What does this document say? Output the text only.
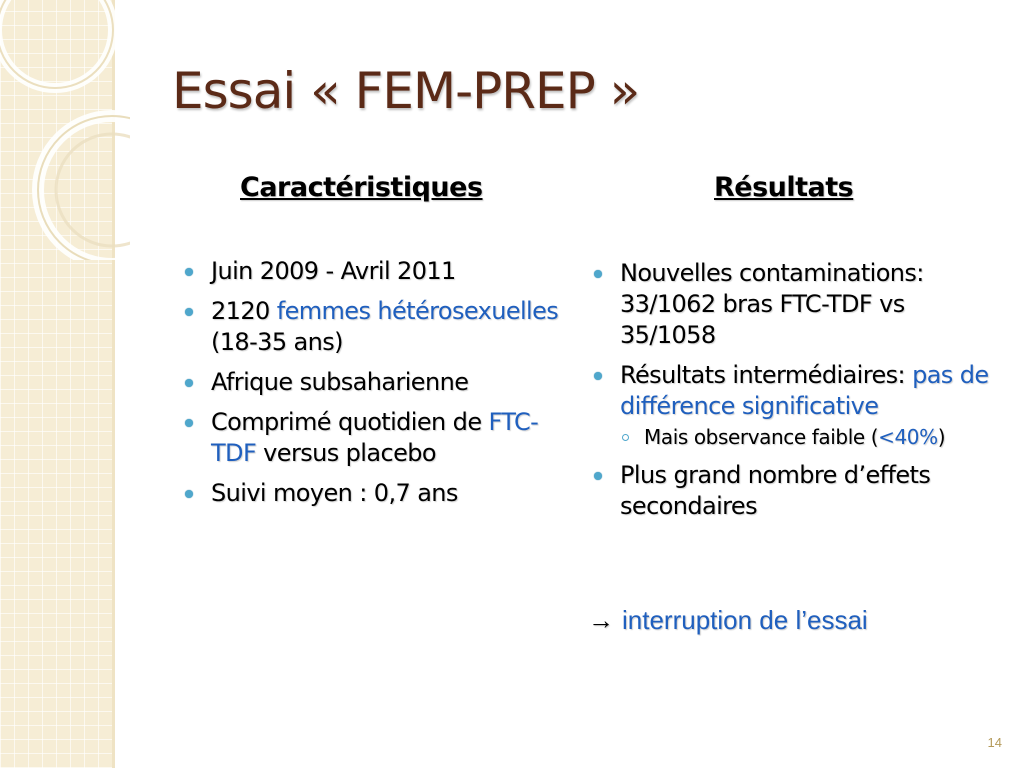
Essai « FEM-PREP »
Caractéristiques	Résultats
Juin 2009 - Avril 2011
2120 femmes hétérosexuelles (18-35 ans)
Afrique subsaharienne
Comprimé quotidien de FTC-TDF versus placebo
Suivi moyen : 0,7 ans
Nouvelles contaminations: 33/1062 bras FTC-TDF vs 35/1058
Résultats intermédiaires: pas de différence significative
Mais observance faible (<40%)
Plus grand nombre d’effets secondaires
→ interruption de l’essai
14
